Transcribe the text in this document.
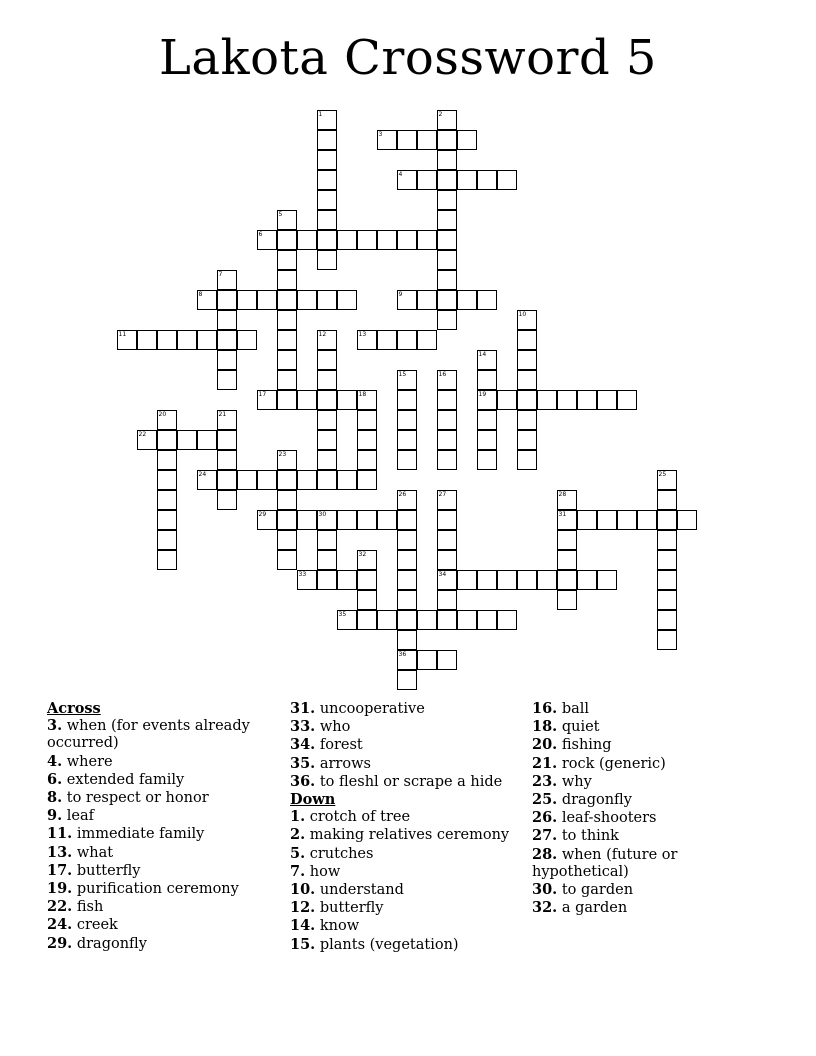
Lakota Crossword 5
1	2
3
4
5
6
7
8	9
10
11	12	13
14
19
15	16
17	18
20	21
22
23
24	25
26
36
27
34
28
31
29	30
32
33
35
Across
3. when (for events already occurred)
4. where
6. extended family
8. to respect or honor
9. leaf
11. immediate family
13. what
17. butterfly
19. purification ceremony
22. fish
24. creek
29. dragonfly
31. uncooperative
33. who
34. forest
35. arrows
36. to fleshl or scrape a hide
Down
1. crotch of tree
2. making relatives ceremony
5. crutches
7. how
10. understand
12. butterfly
14. know
15. plants (vegetation)
16. ball
18. quiet
20. fishing
21. rock (generic)
23. why
25. dragonfly
26. leaf-shooters
27. to think
28. when (future or hypothetical)
30. to garden
32. a garden
